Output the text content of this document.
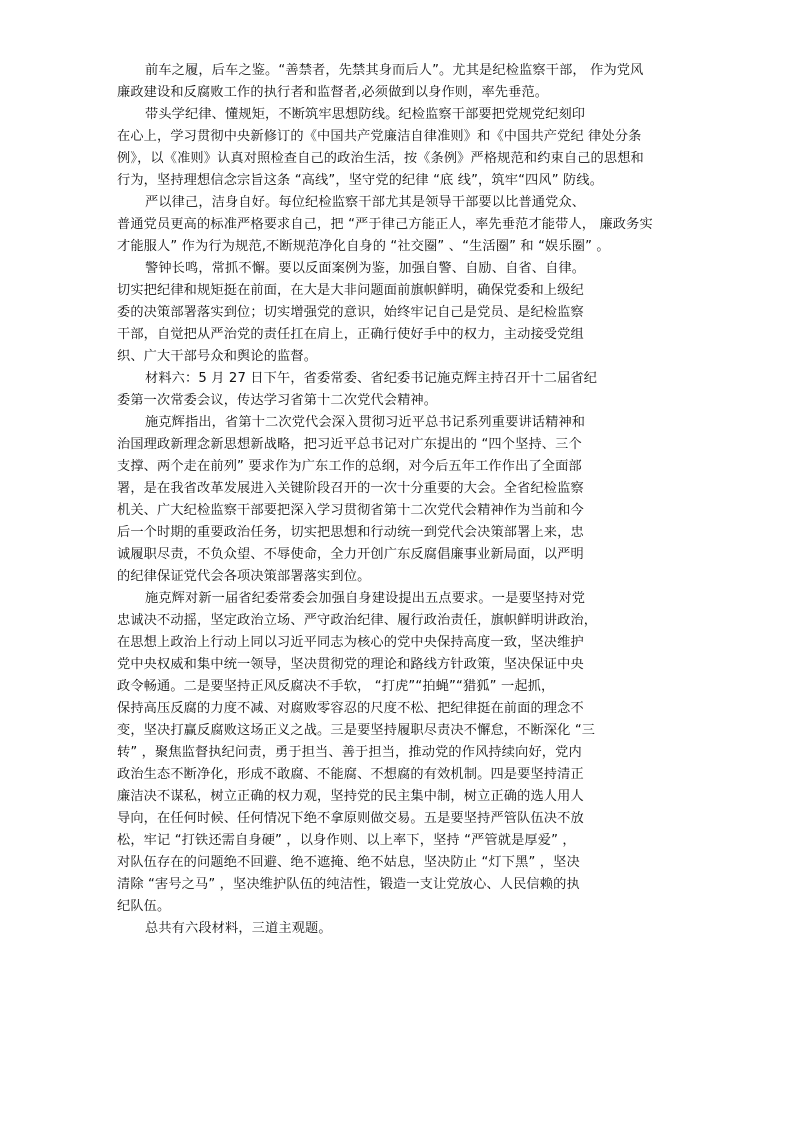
前车之履，后车之鉴。“善禁者，先禁其身而后人”。尤其是纪检监察干部， 作为党风

廉政建设和反腐败工作的执行者和监督者,必须做到以身作则，率先垂范。

带头学纪律、懂规矩，不断筑牢思想防线。纪检监察干部要把党规党纪刻印

在心上，学习贯彻中央新修订的《中国共产党廉洁自律准则》和《中国共产党纪 律处分条

例》，以《准则》认真对照检查自己的政治生活，按《条例》严格规范和约束自己的思想和

行为，坚持理想信念宗旨这条 “高线”，坚守党的纪律 “底 线”，筑牢“四风” 防线。

严以律己，洁身自好。每位纪检监察干部尤其是领导干部要以比普通党众、

普通党员更高的标准严格要求自己，把 “严于律己方能正人，率先垂范才能带人， 廉政务实

才能服人” 作为行为规范,不断规范净化自身的 “社交圈” 、“生活圈” 和 “娱乐圈” 。

警钟长鸣，常抓不懈。要以反面案例为鉴，加强自警、自励、自省、自律。

切实把纪律和规矩挺在前面，在大是大非问题面前旗帜鲜明，确保党委和上级纪

委的决策部署落实到位；切实增强党的意识，始终牢记自己是党员、是纪检监察

干部，自觉把从严治党的责任扛在肩上，正确行使好手中的权力，主动接受党组

织、广大干部号众和舆论的监督。

材料六：5 月 27 日下午，省委常委、省纪委书记施克辉主持召开十二届省纪

委第一次常委会议，传达学习省第十二次党代会精神。

施克辉指出，省第十二次党代会深入贯彻习近平总书记系列重要讲话精神和

治国理政新理念新思想新战略，把习近平总书记对广东提出的 “四个坚持、三个

支撑、两个走在前列” 要求作为广东工作的总纲，对今后五年工作作出了全面部

署，是在我省改革发展进入关键阶段召开的一次十分重要的大会。全省纪检监察

机关、广大纪检监察干部要把深入学习贯彻省第十二次党代会精神作为当前和今

后一个时期的重要政治任务，切实把思想和行动统一到党代会决策部署上来，忠

诚履职尽责，不负众望、不辱使命，全力开创广东反腐倡廉事业新局面，以严明

的纪律保证党代会各项决策部署落实到位。

施克辉对新一届省纪委常委会加强自身建设提出五点要求。一是要坚持对党

忠诚决不动摇，坚定政治立场、严守政治纪律、履行政治责任，旗帜鲜明讲政治，

在思想上政治上行动上同以习近平同志为核心的党中央保持高度一致，坚决维护

党中央权威和集中统一领导，坚决贯彻党的理论和路线方针政策，坚决保证中央

政令畅通。二是要坚持正风反腐决不手软， “打虎”“拍蝇”“猎狐” 一起抓，

保持高压反腐的力度不减、对腐败零容忍的尺度不松、把纪律挺在前面的理念不

变，坚决打赢反腐败这场正义之战。三是要坚持履职尽责决不懈怠，不断深化 “三

转” ，聚焦监督执纪问责，勇于担当、善于担当，推动党的作风持续向好，党内

政治生态不断净化，形成不敢腐、不能腐、不想腐的有效机制。四是要坚持清正

廉洁决不谋私，树立正确的权力观，坚持党的民主集中制，树立正确的选人用人

导向，在任何时候、任何情况下绝不拿原则做交易。五是要坚持严管队伍决不放

松，牢记 “打铁还需自身硬” ，以身作则、以上率下，坚持 “严管就是厚爱” ，

对队伍存在的问题绝不回避、绝不遮掩、绝不姑息，坚决防止 “灯下黑” ，坚决

清除 “害号之马” ，坚决维护队伍的纯洁性，锻造一支让党放心、人民信赖的执

纪队伍。

总共有六段材料，三道主观题。
